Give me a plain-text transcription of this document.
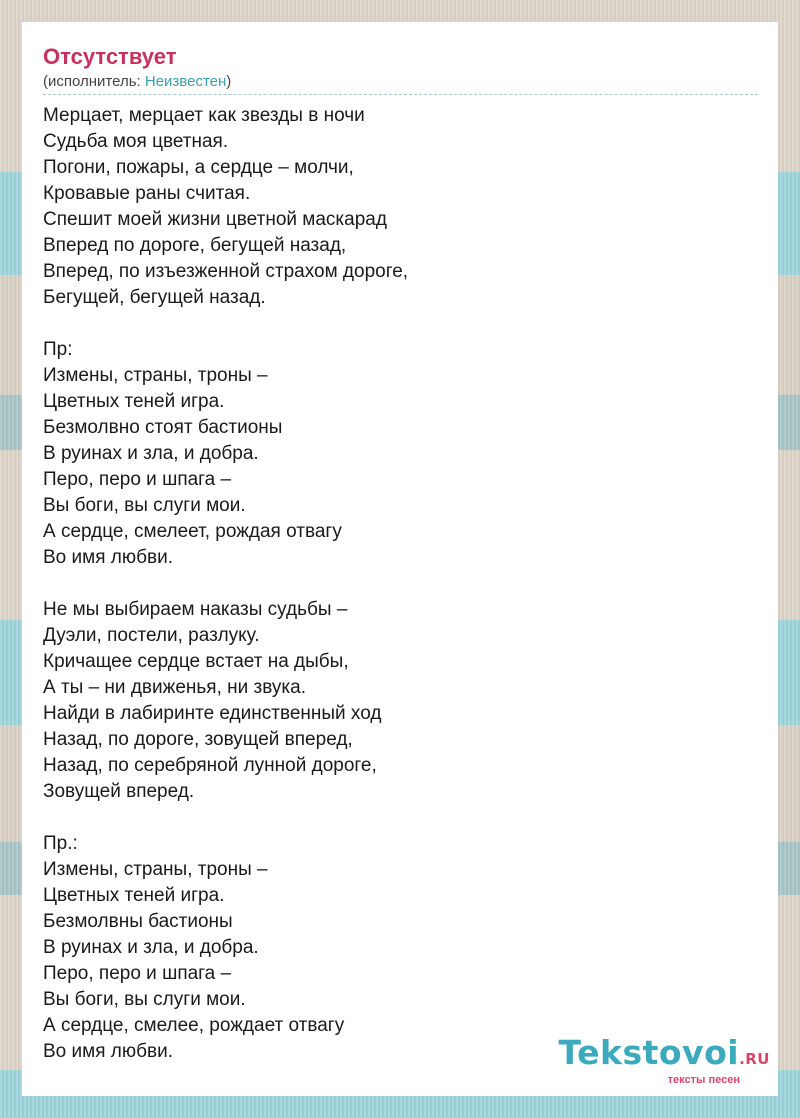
Отсутствует
(исполнитель: Неизвестен)
Мерцает, мерцает как звезды в ночи
Судьба моя цветная.
Погони, пожары, а сердце – молчи,
Кровавые раны считая.
Спешит моей жизни цветной маскарад
Вперед по дороге, бегущей назад,
Вперед, по изъезженной страхом дороге,
Бегущей, бегущей назад.
Пр:
Измены, страны, троны –
Цветных теней игра.
Безмолвно стоят бастионы
В руинах и зла, и добра.
Перо, перо и шпага –
Вы боги, вы слуги мои.
А сердце, смелеет, рождая отвагу
Во имя любви.
Не мы выбираем наказы судьбы –
Дуэли, постели, разлуку.
Кричащее сердце встает на дыбы,
А ты – ни движенья, ни звука.
Найди в лабиринте единственный ход
Назад, по дороге, зовущей вперед,
Назад, по серебряной лунной дороге,
Зовущей вперед.
Пр.:
Измены, страны, троны –
Цветных теней игра.
Безмолвны бастионы
В руинах и зла, и добра.
Перо, перо и шпага –
Вы боги, вы слуги мои.
А сердце, смелее, рождает отвагу
Во имя любви.	Tekstovoi.RU
тексты песен
